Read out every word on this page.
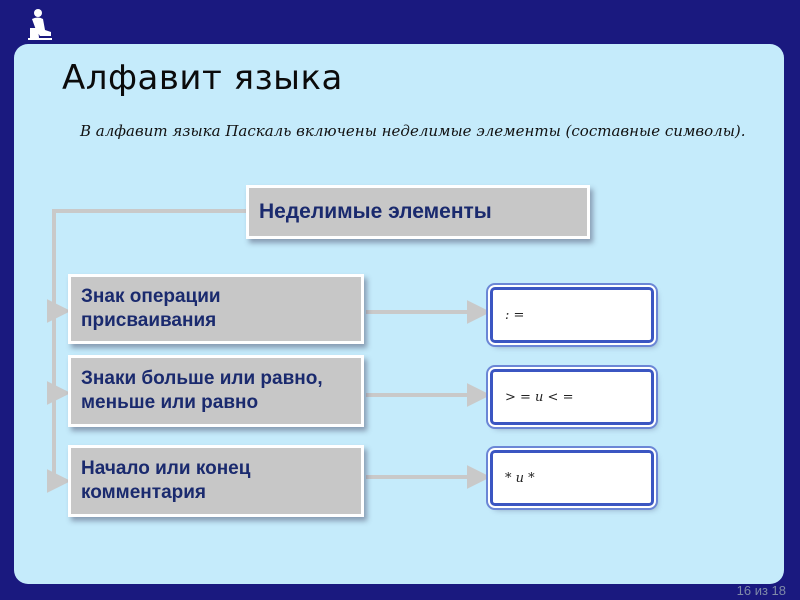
Алфавит языка

В алфавит языка Паскаль включены неделимые элементы (составные символы).

Неделимые элементы
Знак операции присваивания
Знаки больше или равно, меньше или равно
Начало или конец комментария
: =
> = и < =
* и *
16 из 18
